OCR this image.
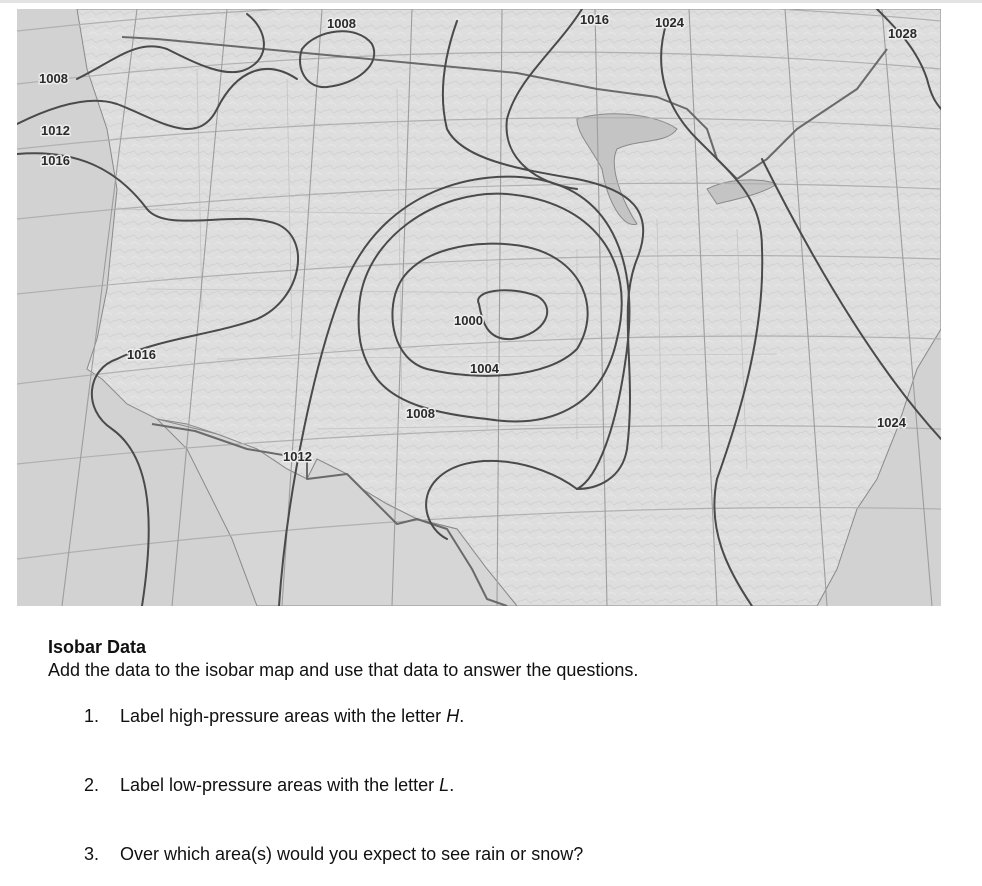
1008
1012
1016
1008	1016	1024
1028
1000
1004
1008
1016
1012
1024

Isobar Data

Add the data to the isobar map and use that data to answer the questions.

1. Label high-pressure areas with the letter H.
2. Label low-pressure areas with the letter L.
3. Over which area(s) would you expect to see rain or snow?
